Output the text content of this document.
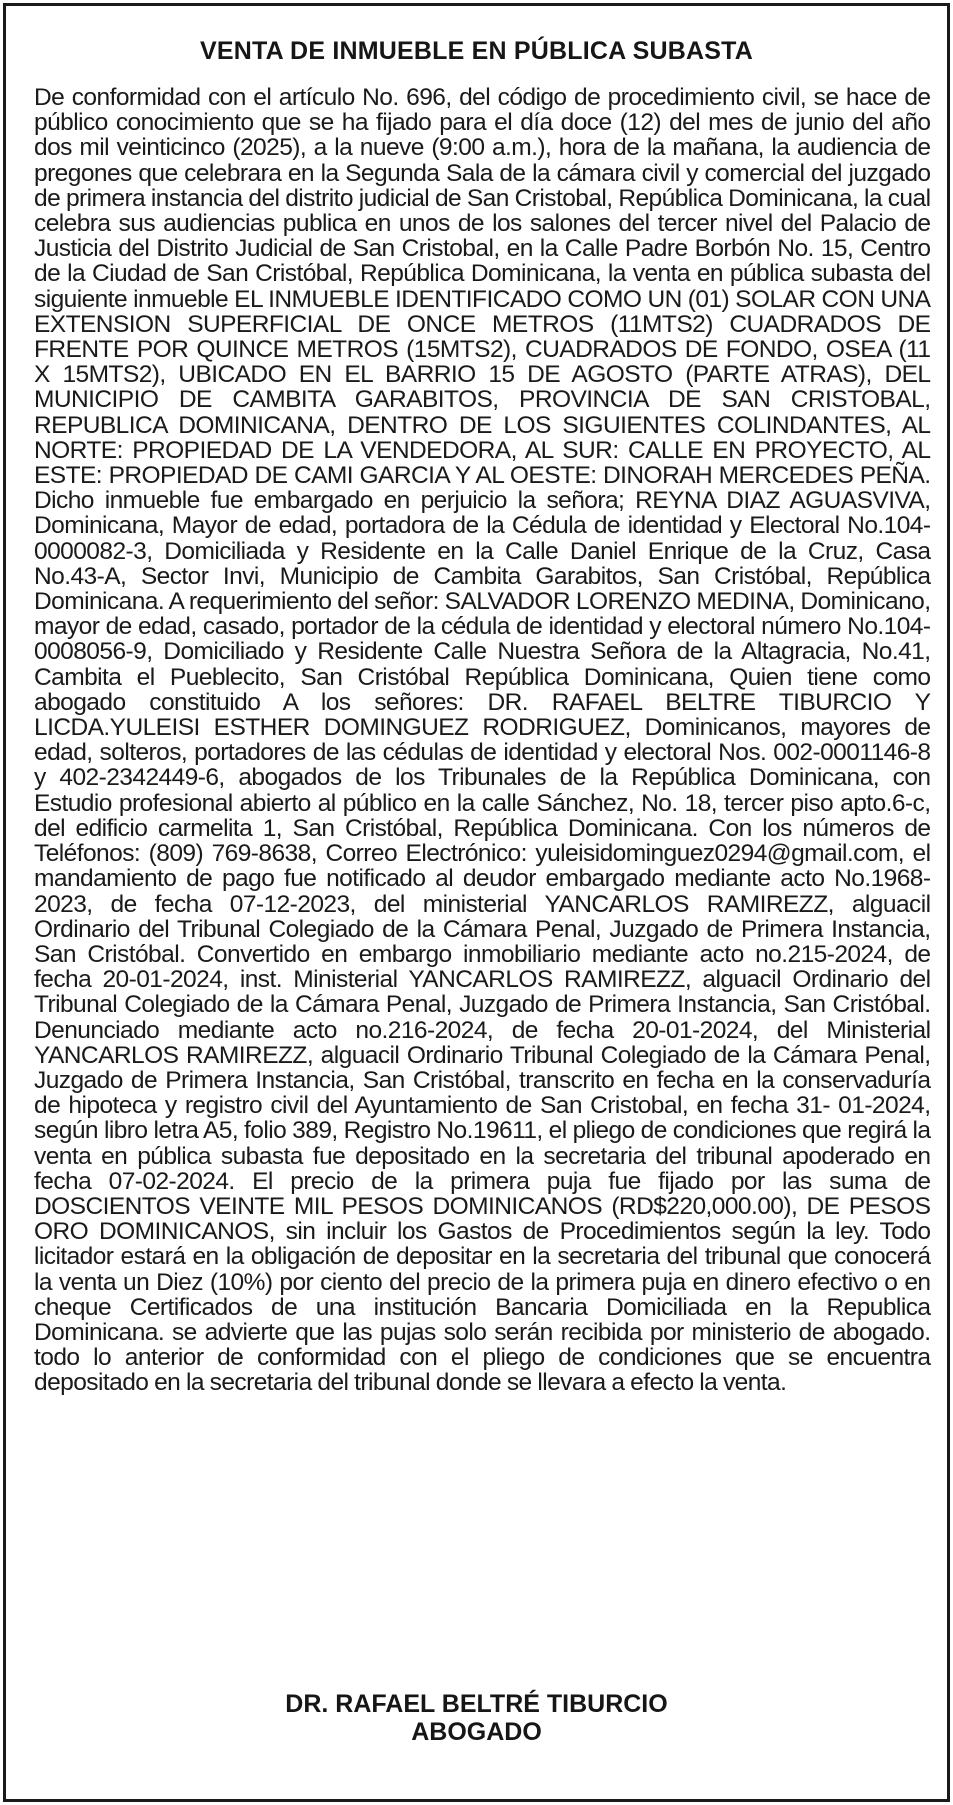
VENTA DE INMUEBLE EN PÚBLICA SUBASTA

De conformidad con el artículo No. 696, del código de procedimiento civil, se hace de público conocimiento que se ha fijado para el día doce (12) del mes de junio del año dos mil veinticinco (2025), a la nueve (9:00 a.m.), hora de la mañana, la audiencia de pregones que celebrara en la Segunda Sala de la cámara civil y comercial del juzgado de primera instancia del distrito judicial de San Cristobal, República Dominicana, la cual celebra sus audiencias publica en unos de los salones del tercer nivel del Palacio de Justicia del Distrito Judicial de San Cristobal, en la Calle Padre Borbón No. 15, Centro de la Ciudad de San Cristóbal, República Dominicana, la venta en pública subasta del siguiente inmueble EL INMUEBLE IDENTIFICADO COMO UN (01) SOLAR CON UNA EXTENSION SUPERFICIAL DE ONCE METROS (11MTS2) CUADRADOS DE FRENTE POR QUINCE METROS (15MTS2), CUADRADOS DE FONDO, OSEA (11 X 15MTS2), UBICADO EN EL BARRIO 15 DE AGOSTO (PARTE ATRAS), DEL MUNICIPIO DE CAMBITA GARABITOS, PROVINCIA DE SAN CRISTOBAL, REPUBLICA DOMINICANA, DENTRO DE LOS SIGUIENTES COLINDANTES, AL NORTE: PROPIEDAD DE LA VENDEDORA, AL SUR: CALLE EN PROYECTO, AL ESTE: PROPIEDAD DE CAMI GARCIA Y AL OESTE: DINORAH MERCEDES PEÑA. Dicho inmueble fue embargado en perjuicio la señora; REYNA DIAZ AGUASVIVA, Dominicana, Mayor de edad, portadora de la Cédula de identidad y Electoral No.104-0000082-3, Domiciliada y Residente en la Calle Daniel Enrique de la Cruz, Casa No.43-A, Sector Invi, Municipio de Cambita Garabitos, San Cristóbal, República Dominicana. A requerimiento del señor: SALVADOR LORENZO MEDINA, Dominicano, mayor de edad, casado, portador de la cédula de identidad y electoral número No.104-0008056-9, Domiciliado y Residente Calle Nuestra Señora de la Altagracia, No.41, Cambita el Pueblecito, San Cristóbal República Dominicana, Quien tiene como abogado constituido A los señores: DR. RAFAEL BELTRE TIBURCIO Y LICDA.YULEISI ESTHER DOMINGUEZ RODRIGUEZ, Dominicanos, mayores de edad, solteros, portadores de las cédulas de identidad y electoral Nos. 002-0001146-8 y 402-2342449-6, abogados de los Tribunales de la República Dominicana, con Estudio profesional abierto al público en la calle Sánchez, No. 18, tercer piso apto.6-c, del edificio carmelita 1, San Cristóbal, República Dominicana. Con los números de Teléfonos: (809) 769-8638, Correo Electrónico: yuleisidominguez0294@gmail.com, el mandamiento de pago fue notificado al deudor embargado mediante acto No.1968-2023, de fecha 07-12-2023, del ministerial YANCARLOS RAMIREZZ, alguacil Ordinario del Tribunal Colegiado de la Cámara Penal, Juzgado de Primera Instancia, San Cristóbal. Convertido en embargo inmobiliario mediante acto no.215-2024, de fecha 20-01-2024, inst. Ministerial YANCARLOS RAMIREZZ, alguacil Ordinario del Tribunal Colegiado de la Cámara Penal, Juzgado de Primera Instancia, San Cristóbal. Denunciado mediante acto no.216-2024, de fecha 20-01-2024, del Ministerial YANCARLOS RAMIREZZ, alguacil Ordinario Tribunal Colegiado de la Cámara Penal, Juzgado de Primera Instancia, San Cristóbal, transcrito en fecha en la conservaduría de hipoteca y registro civil del Ayuntamiento de San Cristobal, en fecha 31- 01-2024, según libro letra A5, folio 389, Registro No.19611, el pliego de condiciones que regirá la venta en pública subasta fue depositado en la secretaria del tribunal apoderado en fecha 07-02-2024. El precio de la primera puja fue fijado por las suma de DOSCIENTOS VEINTE MIL PESOS DOMINICANOS (RD$220,000.00), DE PESOS ORO DOMINICANOS, sin incluir los Gastos de Procedimientos según la ley. Todo licitador estará en la obligación de depositar en la secretaria del tribunal que conocerá la venta un Diez (10%) por ciento del precio de la primera puja en dinero efectivo o en cheque Certificados de una institución Bancaria Domiciliada en la Republica Dominicana. se advierte que las pujas solo serán recibida por ministerio de abogado. todo lo anterior de conformidad con el pliego de condiciones que se encuentra depositado en la secretaria del tribunal donde se llevara a efecto la venta.

DR. RAFAEL BELTRÉ TIBURCIO
ABOGADO
